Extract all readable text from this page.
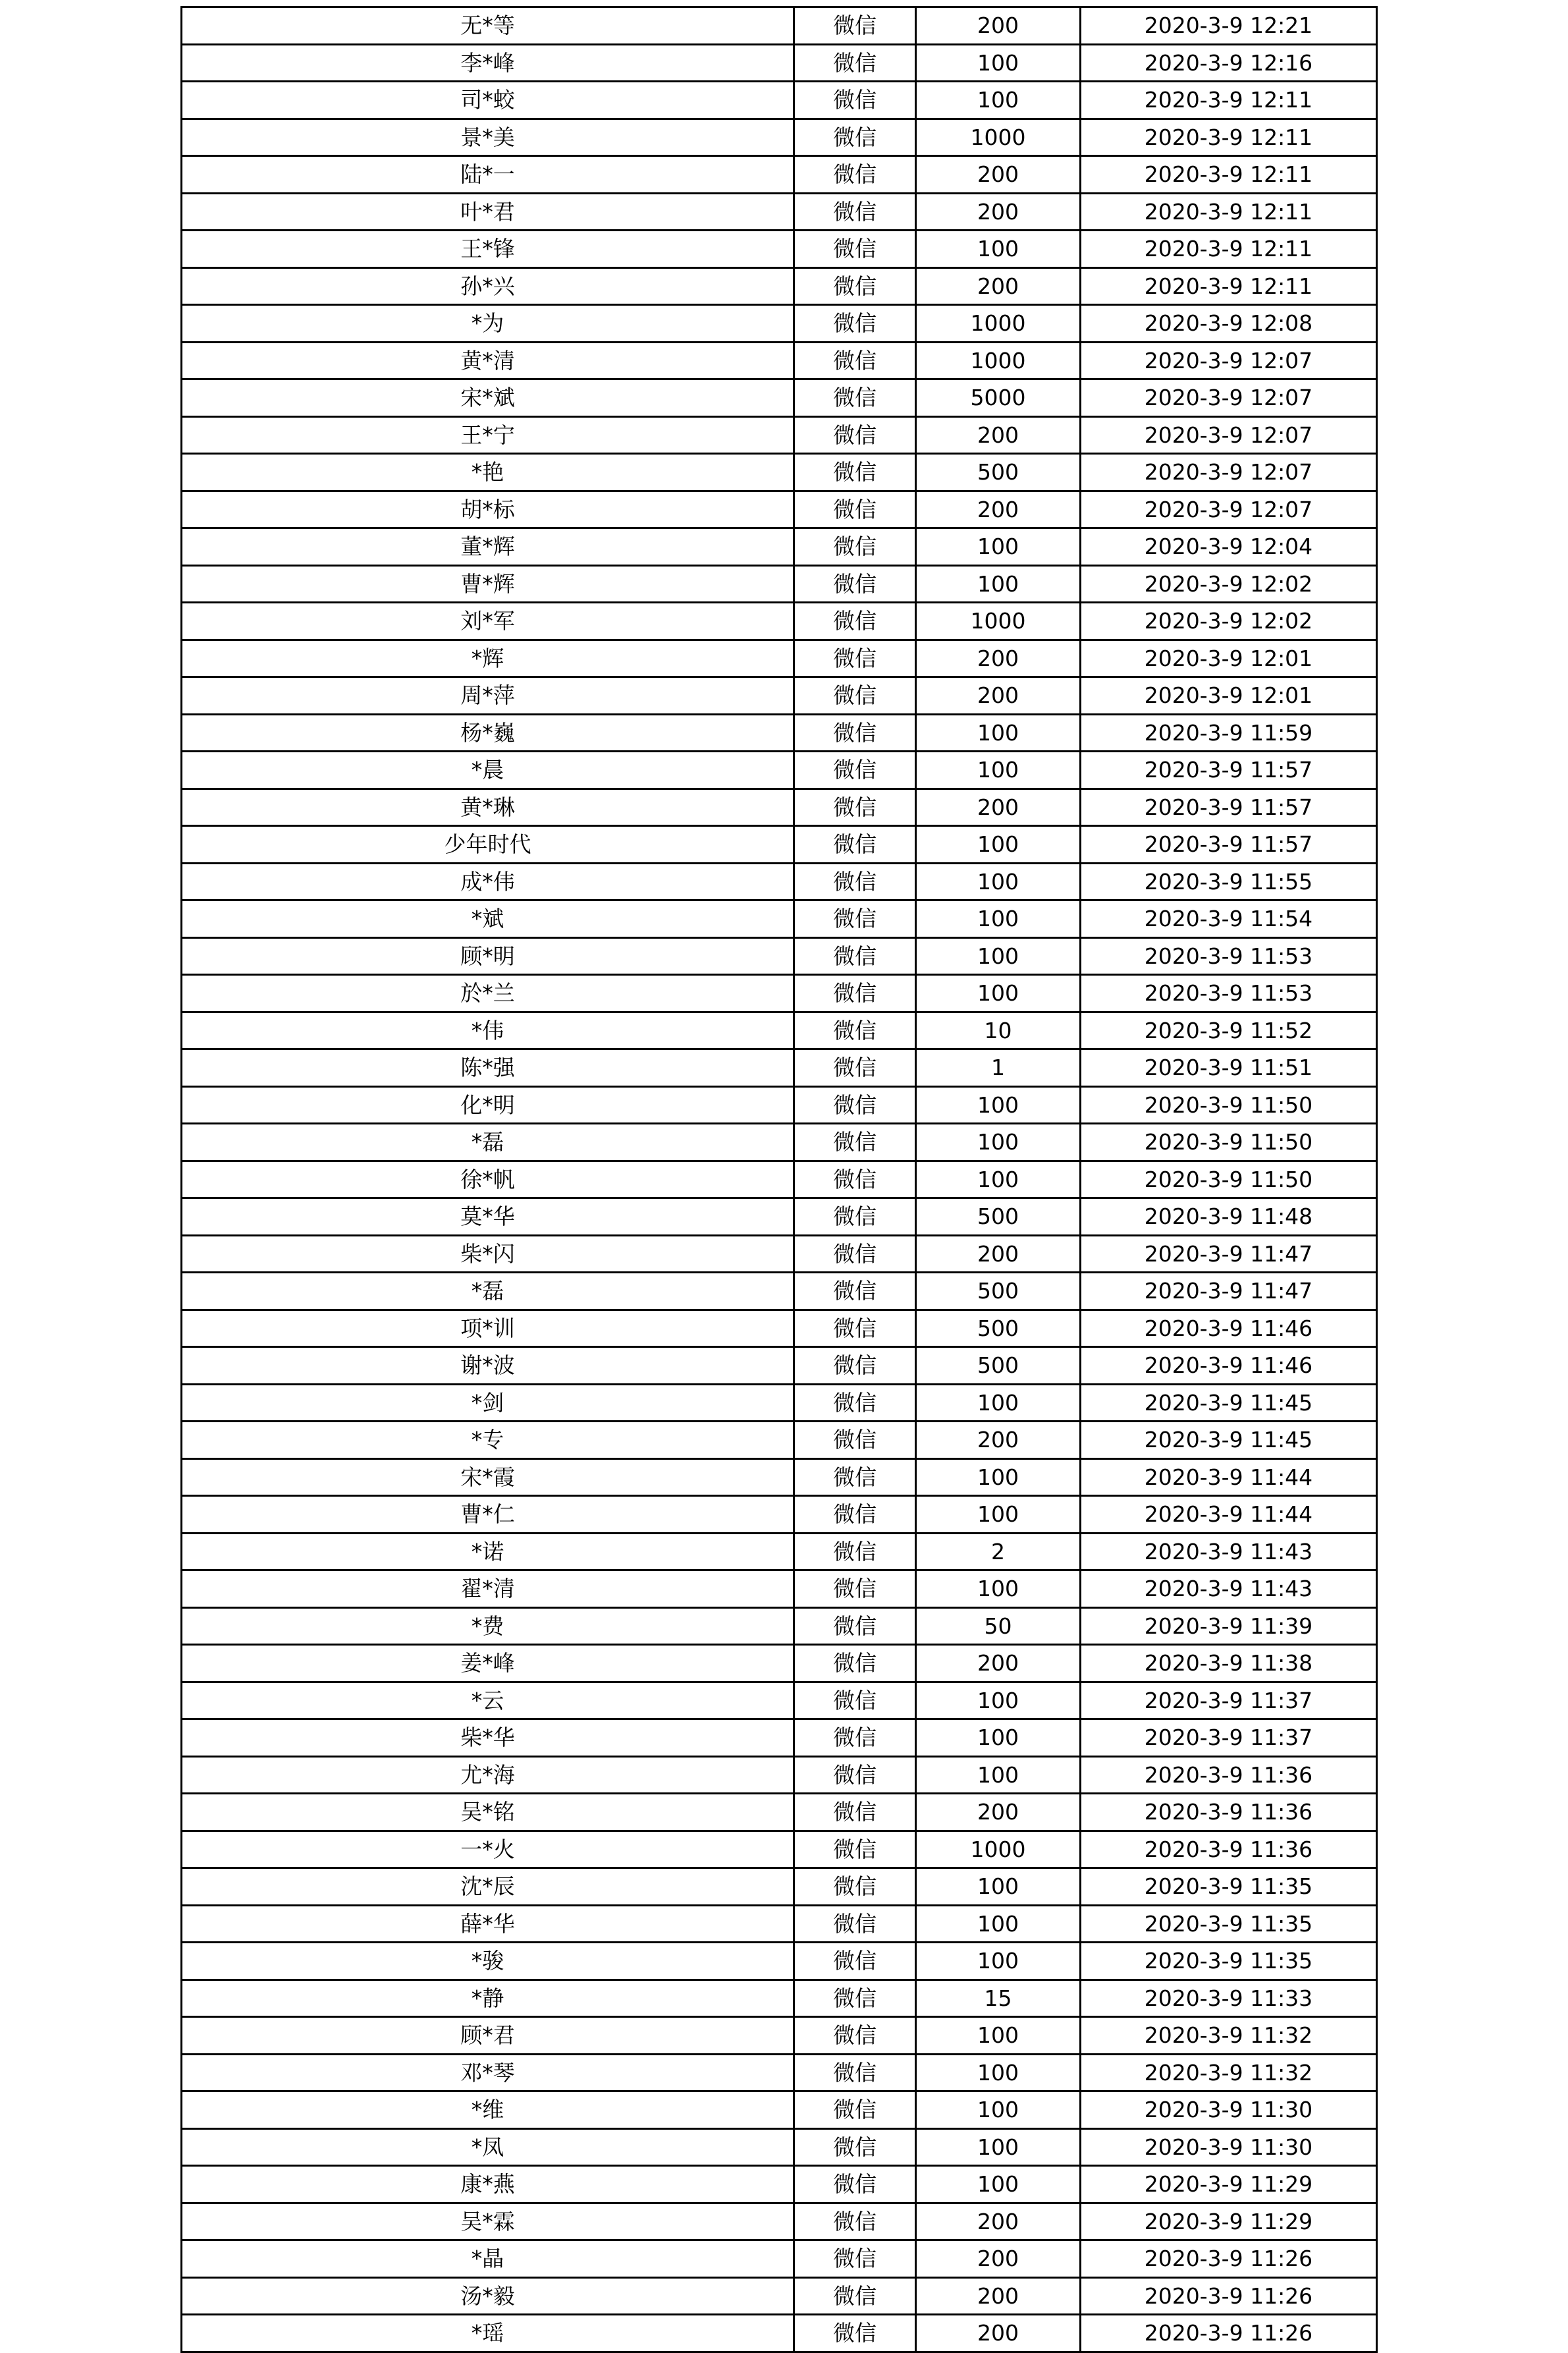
无*等	微信	200	2020-3-9 12:21
李*峰	微信	100	2020-3-9 12:16
司*蛟	微信	100	2020-3-9 12:11
景*美	微信	1000	2020-3-9 12:11
陆*一	微信	200	2020-3-9 12:11
叶*君	微信	200	2020-3-9 12:11
王*锋	微信	100	2020-3-9 12:11
孙*兴	微信	200	2020-3-9 12:11
*为	微信	1000	2020-3-9 12:08
黄*清	微信	1000	2020-3-9 12:07
宋*斌	微信	5000	2020-3-9 12:07
王*宁	微信	200	2020-3-9 12:07
*艳	微信	500	2020-3-9 12:07
胡*标	微信	200	2020-3-9 12:07
董*辉	微信	100	2020-3-9 12:04
曹*辉	微信	100	2020-3-9 12:02
刘*军	微信	1000	2020-3-9 12:02
*辉	微信	200	2020-3-9 12:01
周*萍	微信	200	2020-3-9 12:01
杨*巍	微信	100	2020-3-9 11:59
*晨	微信	100	2020-3-9 11:57
黄*琳	微信	200	2020-3-9 11:57
少年时代	微信	100	2020-3-9 11:57
成*伟	微信	100	2020-3-9 11:55
*斌	微信	100	2020-3-9 11:54
顾*明	微信	100	2020-3-9 11:53
於*兰	微信	100	2020-3-9 11:53
*伟	微信	10	2020-3-9 11:52
陈*强	微信	1	2020-3-9 11:51
化*明	微信	100	2020-3-9 11:50
*磊	微信	100	2020-3-9 11:50
徐*帆	微信	100	2020-3-9 11:50
莫*华	微信	500	2020-3-9 11:48
柴*闪	微信	200	2020-3-9 11:47
*磊	微信	500	2020-3-9 11:47
项*训	微信	500	2020-3-9 11:46
谢*波	微信	500	2020-3-9 11:46
*剑	微信	100	2020-3-9 11:45
*专	微信	200	2020-3-9 11:45
宋*霞	微信	100	2020-3-9 11:44
曹*仁	微信	100	2020-3-9 11:44
*诺	微信	2	2020-3-9 11:43
翟*清	微信	100	2020-3-9 11:43
*费	微信	50	2020-3-9 11:39
姜*峰	微信	200	2020-3-9 11:38
*云	微信	100	2020-3-9 11:37
柴*华	微信	100	2020-3-9 11:37
尤*海	微信	100	2020-3-9 11:36
吴*铭	微信	200	2020-3-9 11:36
一*火	微信	1000	2020-3-9 11:36
沈*辰	微信	100	2020-3-9 11:35
薛*华	微信	100	2020-3-9 11:35
*骏	微信	100	2020-3-9 11:35
*静	微信	15	2020-3-9 11:33
顾*君	微信	100	2020-3-9 11:32
邓*琴	微信	100	2020-3-9 11:32
*维	微信	100	2020-3-9 11:30
*凤	微信	100	2020-3-9 11:30
康*燕	微信	100	2020-3-9 11:29
吴*霖	微信	200	2020-3-9 11:29
*晶	微信	200	2020-3-9 11:26
汤*毅	微信	200	2020-3-9 11:26
*瑶	微信	200	2020-3-9 11:26
